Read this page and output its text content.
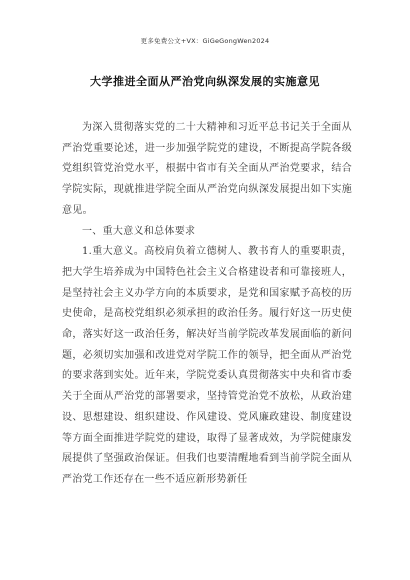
更多免费公文+VX：GiGeGongWen2024
大学推进全面从严治党向纵深发展的实施意见

为深入贯彻落实党的二十大精神和习近平总书记关于全面从严治党重要论述，进一步加强学院党的建设，不断提高学院各级党组织管党治党水平，根据中省市有关全面从严治党要求，结合学院实际，现就推进学院全面从严治党向纵深发展提出如下实施意见。

一、重大意义和总体要求

1.重大意义。高校肩负着立德树人、教书育人的重要职责，把大学生培养成为中国特色社会主义合格建设者和可靠接班人，是坚持社会主义办学方向的本质要求，是党和国家赋予高校的历史使命，是高校党组织必须承担的政治任务。履行好这一历史使命，落实好这一政治任务，解决好当前学院改革发展面临的新问题，必须切实加强和改进党对学院工作的领导，把全面从严治党的要求落到实处。近年来，学院党委认真贯彻落实中央和省市委关于全面从严治党的部署要求，坚持管党治党不放松，从政治建设、思想建设、组织建设、作风建设、党风廉政建设、制度建设等方面全面推进学院党的建设，取得了显著成效，为学院健康发展提供了坚强政治保证。但我们也要清醒地看到当前学院全面从严治党工作还存在一些不适应新形势新任
